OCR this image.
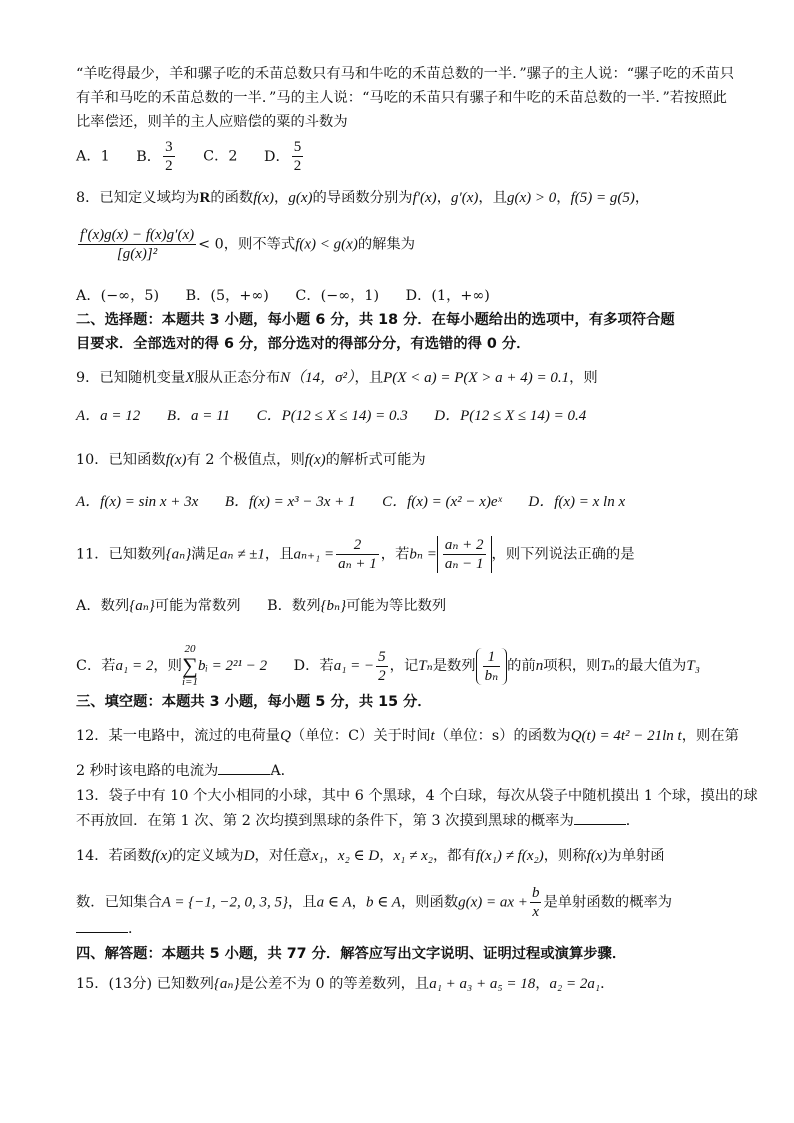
“羊吃得最少，羊和骡子吃的禾苗总数只有马和牛吃的禾苗总数的一半．”骡子的主人说：“骡子吃的禾苗只
有羊和马吃的禾苗总数的一半．”马的主人说：“马吃的禾苗只有骡子和牛吃的禾苗总数的一半．”若按照此
比率偿还，则羊的主人应赔偿的粟的斗数为
A．1 B． $\frac{3}{2}$ C．2 D． $\frac{5}{2}$
8．已知定义域均为R的函数f(x)，g(x)的导函数分别为f′(x)，g′(x)，且g(x) > 0，f(5) = g(5)，
$\frac{f'(x)g(x) - f(x)g'(x)}{\text{[g(x)]²}} < 0$，则不等式f(x) < g(x)的解集为
A．(−∞，5) B．(5，+∞) C．(−∞，1) D．(1，+∞)
二、选择题：本题共 3 小题，每小题 6 分，共 18 分．在每小题给出的选项中，有多项符合题
目要求．全部选对的得 6 分，部分选对的得部分分，有选错的得 0 分．
9．已知随机变量X服从正态分布N（14，σ²），且P(X < a) = P(X > a + 4) = 0.1，则
A．a = 12 B．a = 11 C．P(12 ≤ X ≤ 14) = 0.3 D．P(12 ≤ X ≤ 14) = 0.4
10．已知函数f(x)有 2 个极值点，则f(x)的解析式可能为
A．f(x) = sin x + 3x B．f(x) = x³ − 3x + 1 C．f(x) = (x² − x)eˣ D．f(x) = x ln x
11．已知数列{aₙ}满足aₙ ≠ ±1，且$a_{n+1} = \frac{2}{\text{aₙ + 1}}$ ，若$b_n = \frac{\text{aₙ + 2}}{\text{aₙ − 1}}$ ，则下列说法正确的是
A．数列{aₙ}可能为常数列 B．数列{bₙ}可能为等比数列
C．若a₁ = 2，则20
∑
i=1bᵢ = 2²¹ − 2 D．若a₁ = − $\frac{5}{2}$ ，记Tₙ是数列 $\frac{1}{\text{bₙ}}$ 的前n项积，则Tₙ的最大值为T₃
三、填空题：本题共 3 小题，每小题 5 分，共 15 分．
12．某一电路中，流过的电荷量Q（单位：C）关于时间t（单位：s）的函数为Q(t) = 4t² − 21ln t，则在第
2 秒时该电路的电流为	A．
13．袋子中有 10 个大小相同的小球，其中 6 个黑球，4 个白球，每次从袋子中随机摸出 1 个球，摸出的球
不再放回．在第 1 次、第 2 次均摸到黑球的条件下，第 3 次摸到黑球的概率为	．
14．若函数f(x)的定义域为D，对任意x₁，x₂ ∈ D，x₁ ≠ x₂，都有f(x₁) ≠ f(x₂)，则称f(x)为单射函
数．已知集合A = {−1, −2, 0, 3, 5}，且a ∈ A，b ∈ A，则函数g(x) = ax + $\frac{b}{x}$ 是单射函数的概率为
．
四、解答题：本题共 5 小题，共 77 分．解答应写出文字说明、证明过程或演算步骤．
15．(13分) 已知数列{aₙ}是公差不为 0 的等差数列，且a₁ + a₃ + a₅ = 18，a₂ = 2a₁．
